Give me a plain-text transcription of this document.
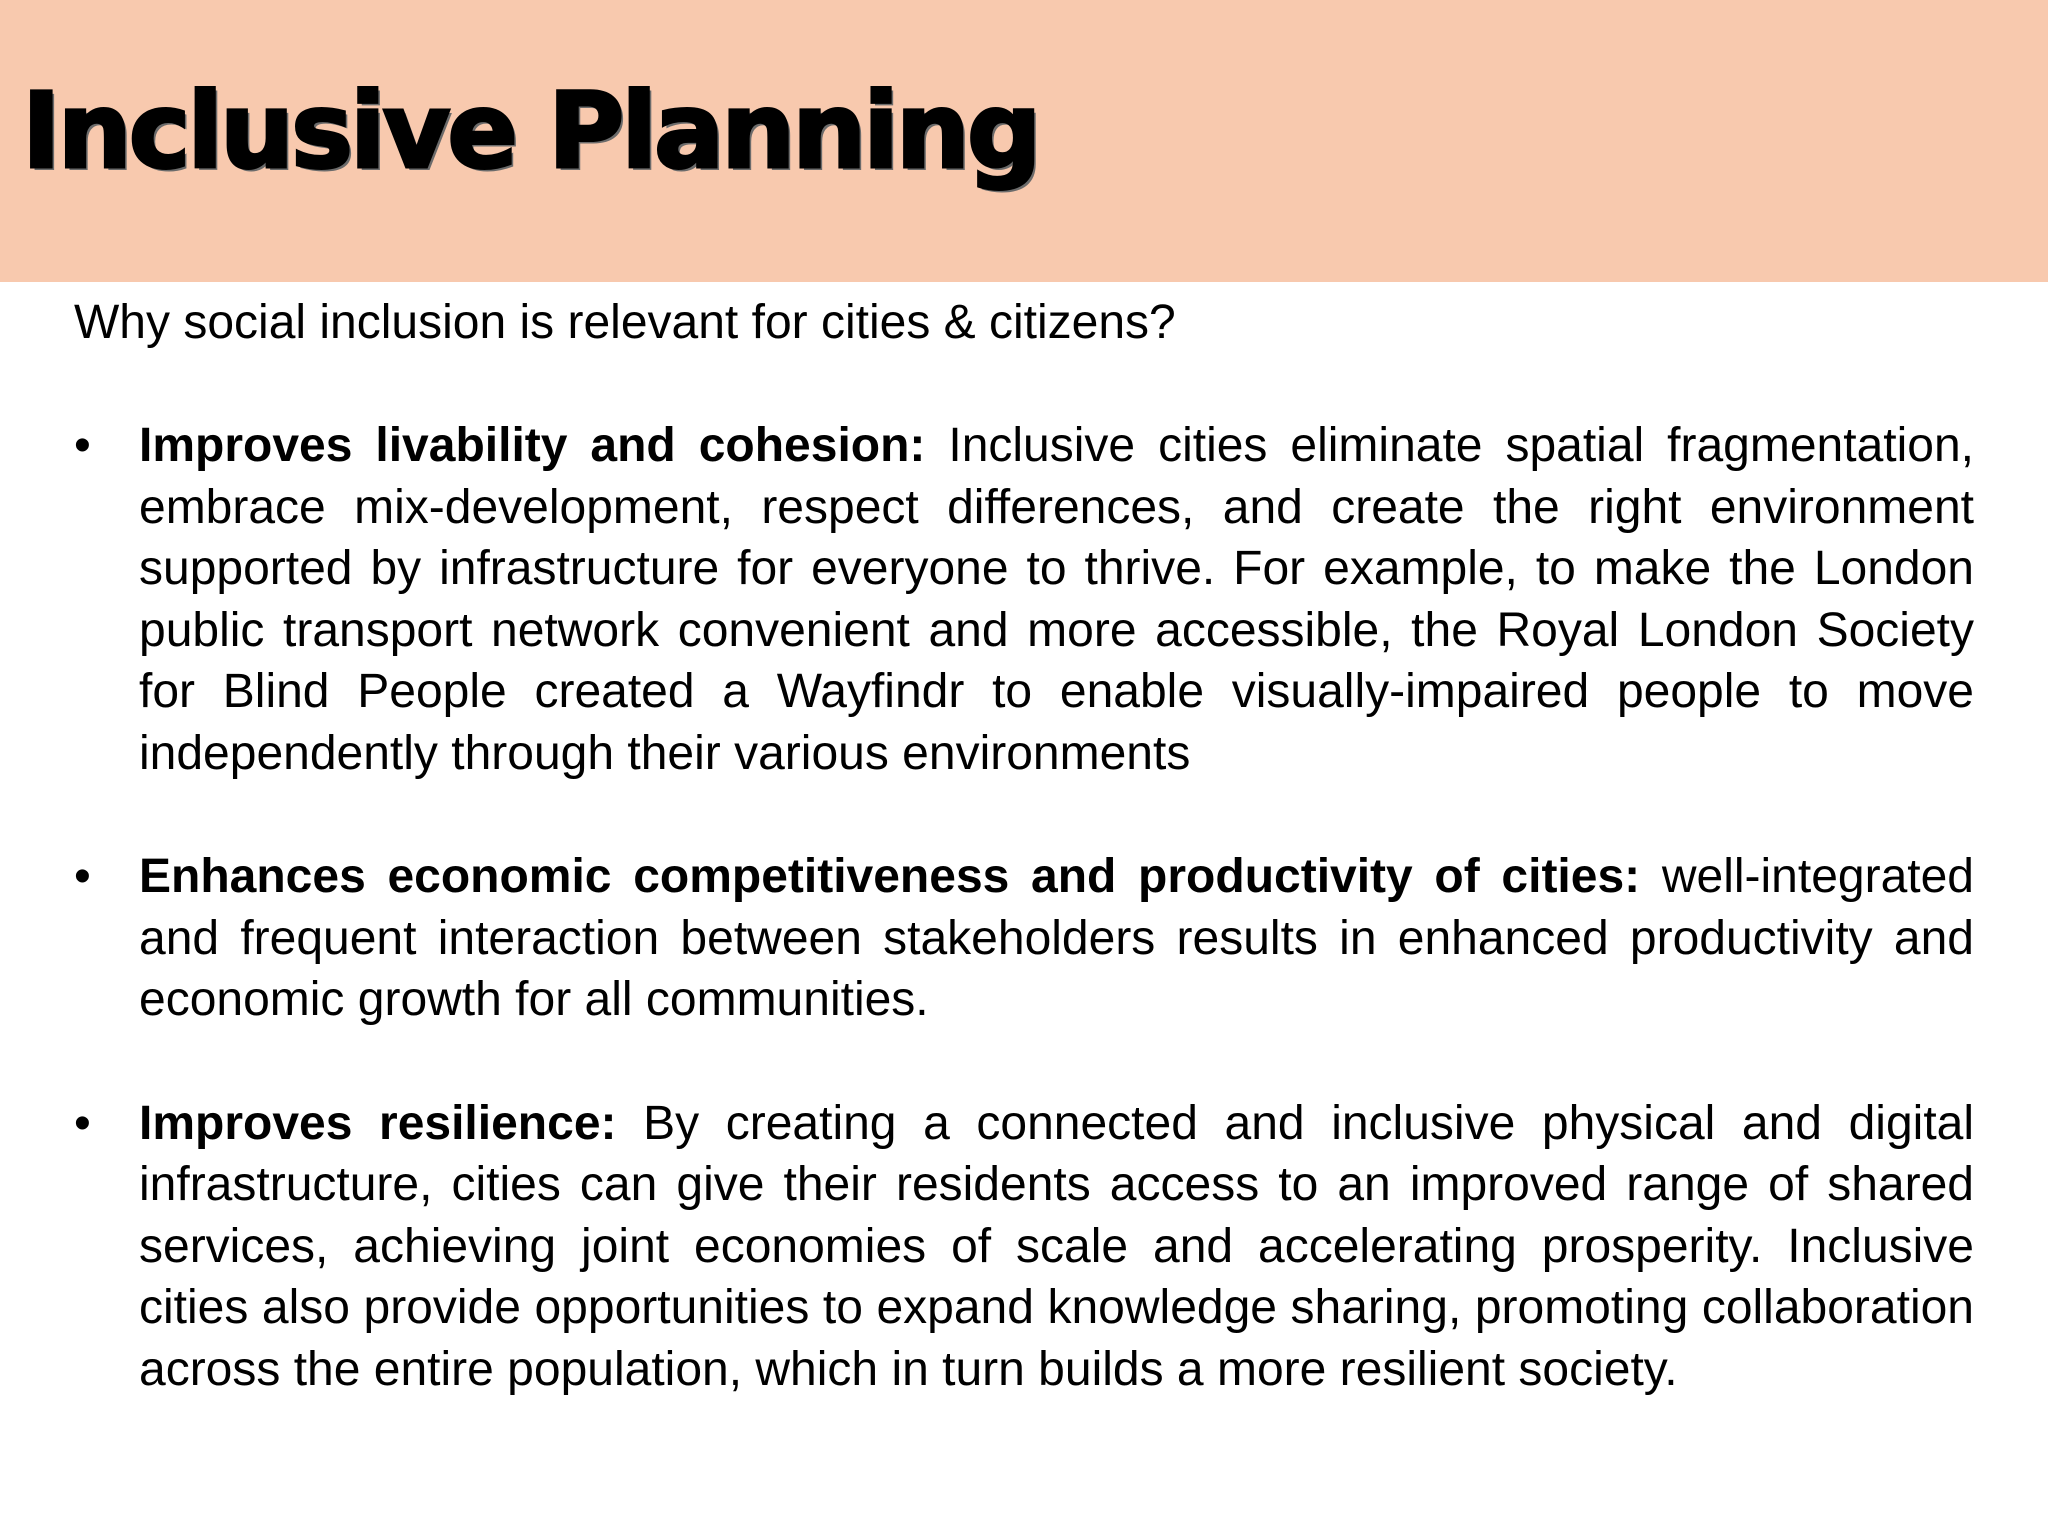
Inclusive Planning

Why social inclusion is relevant for cities & citizens?

• Improves livability and cohesion: Inclusive cities eliminate spatial fragmentation, embrace mix-development, respect differences, and create the right environment supported by infrastructure for everyone to thrive. For example, to make the London public transport network convenient and more accessible, the Royal London Society for Blind People created a Wayfindr to enable visually-impaired people to move independently through their various environments
• Enhances economic competitiveness and productivity of cities: well-integrated and frequent interaction between stakeholders results in enhanced productivity and economic growth for all communities.
• Improves resilience: By creating a connected and inclusive physical and digital infrastructure, cities can give their residents access to an improved range of shared services, achieving joint economies of scale and accelerating prosperity. Inclusive cities also provide opportunities to expand knowledge sharing, promoting collaboration across the entire population, which in turn builds a more resilient society.
